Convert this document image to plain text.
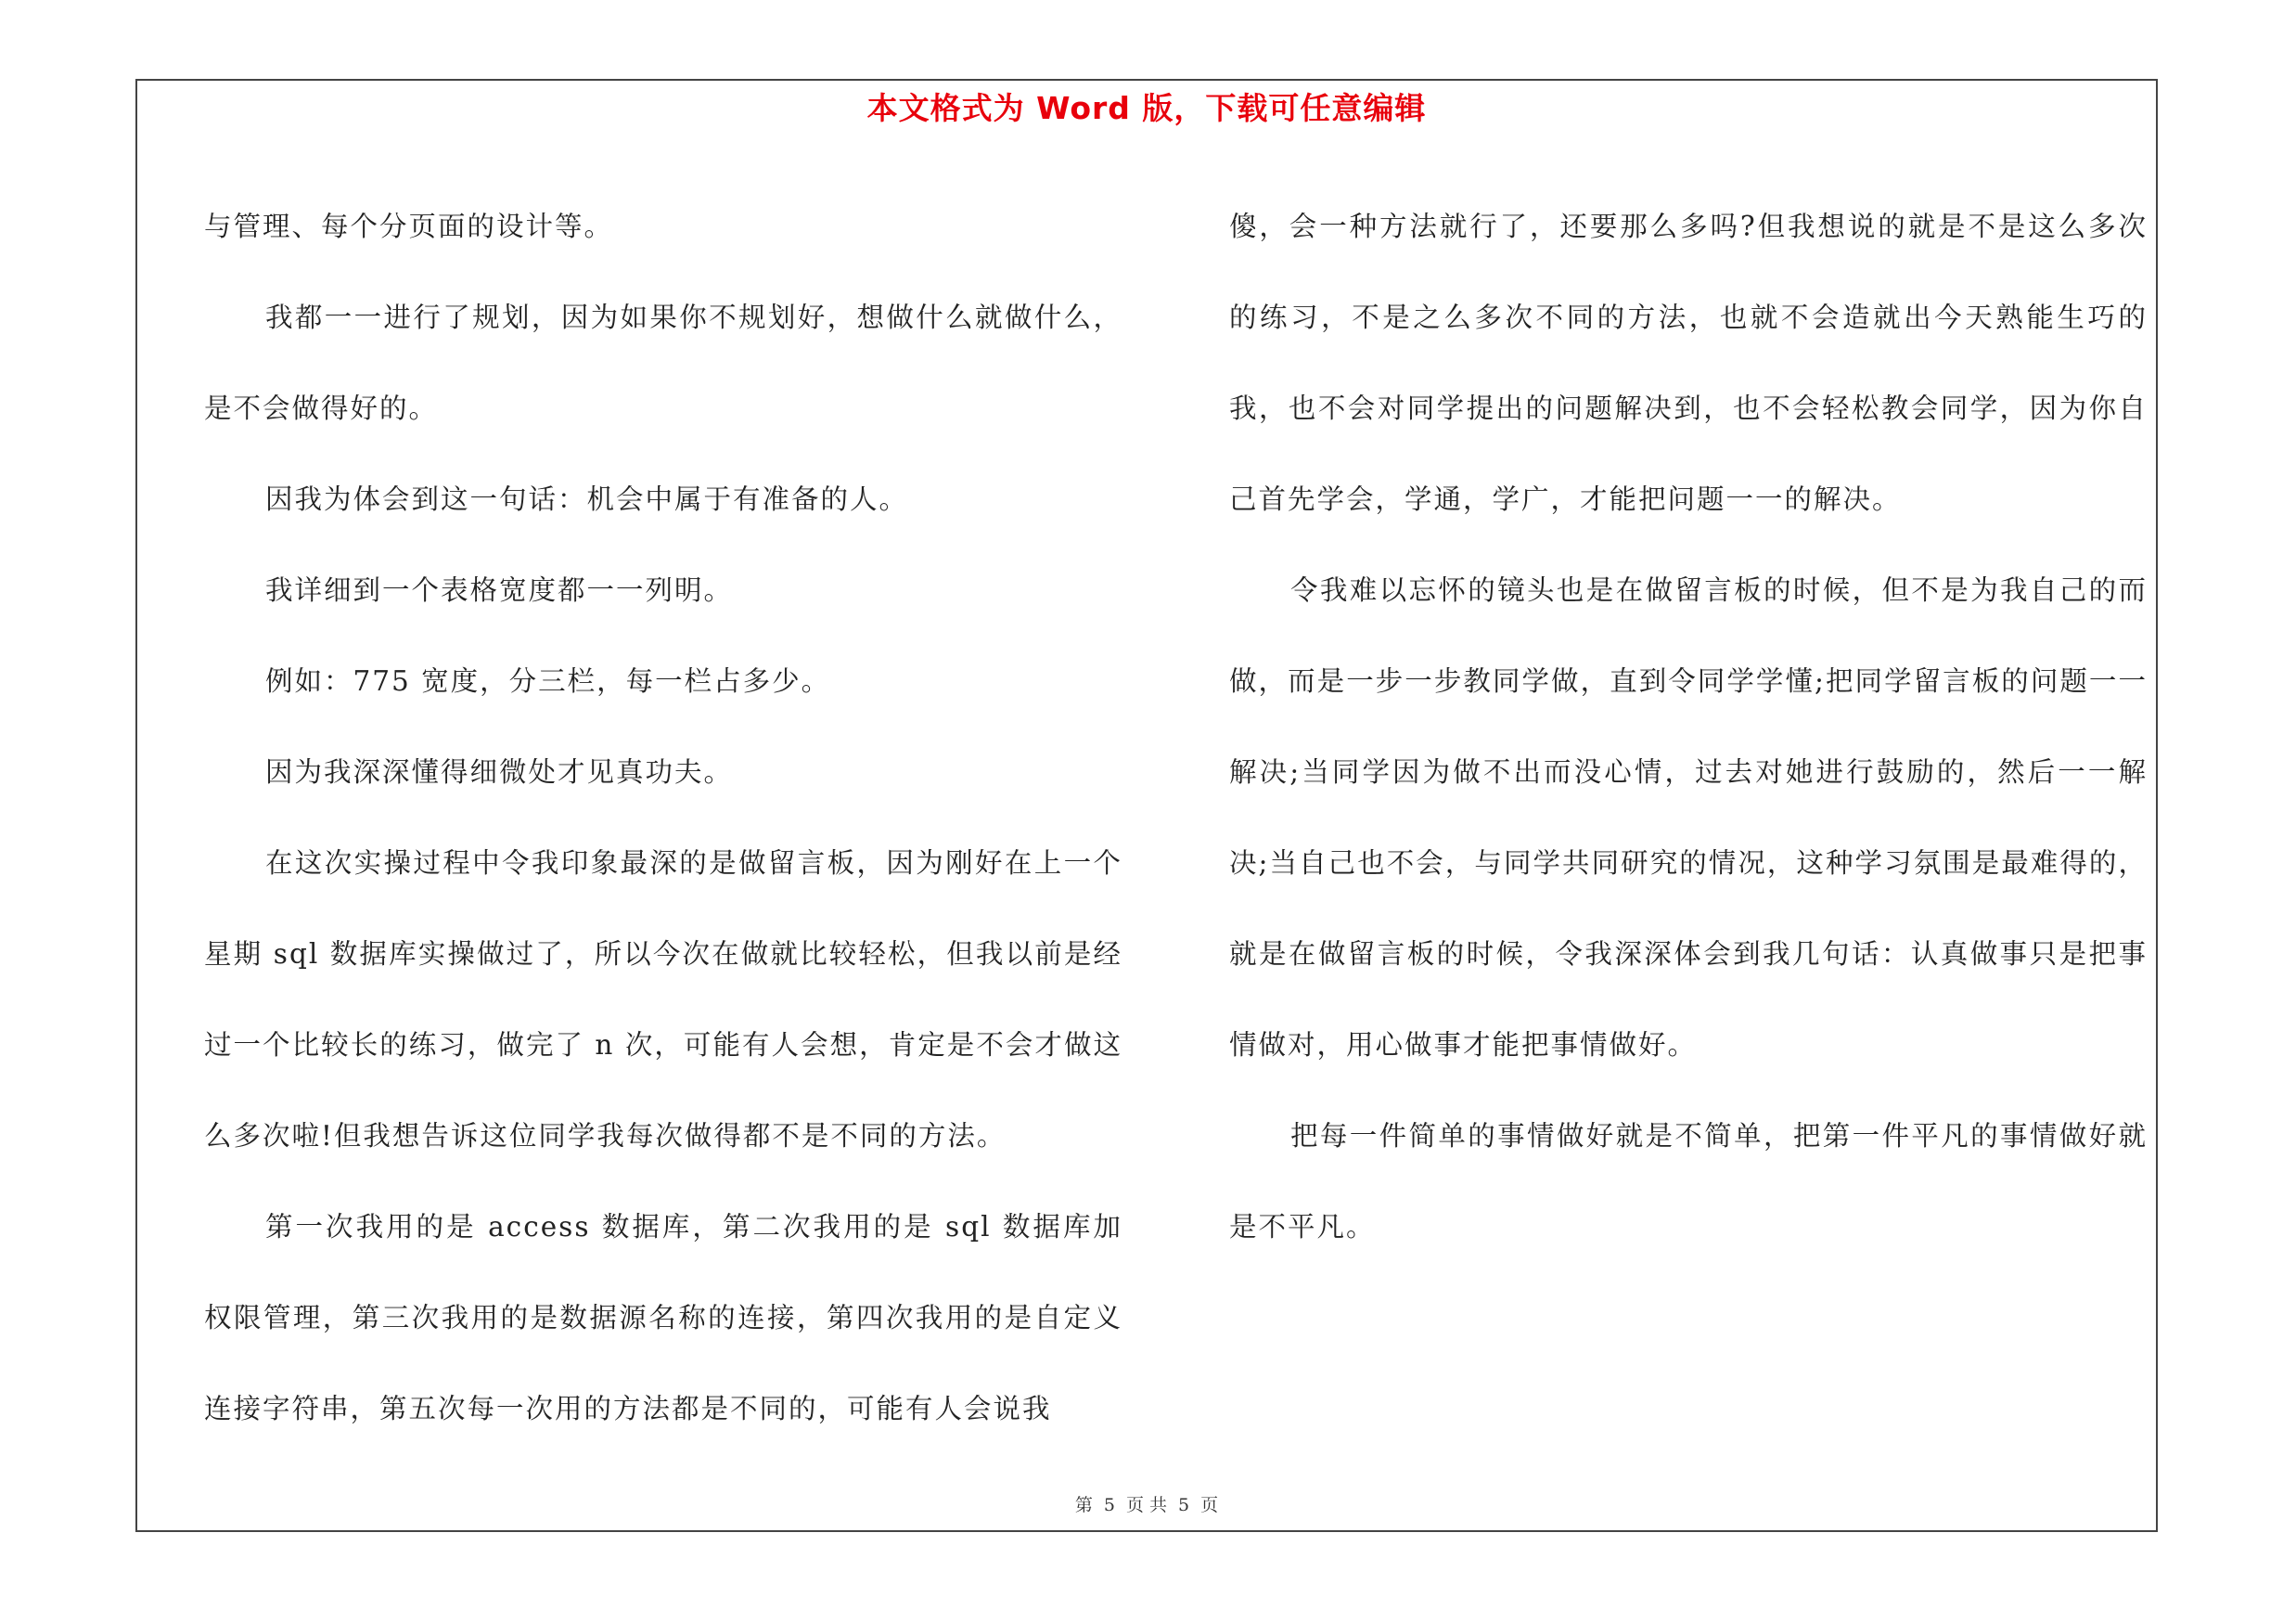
本文格式为 Word 版，下载可任意编辑

与管理、每个分页面的设计等。

我都一一进行了规划，因为如果你不规划好，想做什么就做什么，是不会做得好的。

因我为体会到这一句话：机会中属于有准备的人。

我详细到一个表格宽度都一一列明。

例如：775 宽度，分三栏，每一栏占多少。

因为我深深懂得细微处才见真功夫。

在这次实操过程中令我印象最深的是做留言板，因为刚好在上一个星期 sql 数据库实操做过了，所以今次在做就比较轻松，但我以前是经过一个比较长的练习，做完了 n 次，可能有人会想，肯定是不会才做这么多次啦!但我想告诉这位同学我每次做得都不是不同的方法。

第一次我用的是 access 数据库，第二次我用的是 sql 数据库加权限管理，第三次我用的是数据源名称的连接，第四次我用的是自定义连接字符串，第五次每一次用的方法都是不同的，可能有人会说我

傻，会一种方法就行了，还要那么多吗?但我想说的就是不是这么多次的练习，不是之么多次不同的方法，也就不会造就出今天熟能生巧的我，也不会对同学提出的问题解决到，也不会轻松教会同学，因为你自己首先学会，学通，学广，才能把问题一一的解决。

令我难以忘怀的镜头也是在做留言板的时候，但不是为我自己的而做，而是一步一步教同学做，直到令同学学懂;把同学留言板的问题一一解决;当同学因为做不出而没心情，过去对她进行鼓励的，然后一一解决;当自己也不会，与同学共同研究的情况，这种学习氛围是最难得的，就是在做留言板的时候，令我深深体会到我几句话：认真做事只是把事情做对，用心做事才能把事情做好。

把每一件简单的事情做好就是不简单，把第一件平凡的事情做好就是不平凡。

第 5 页 共 5 页
